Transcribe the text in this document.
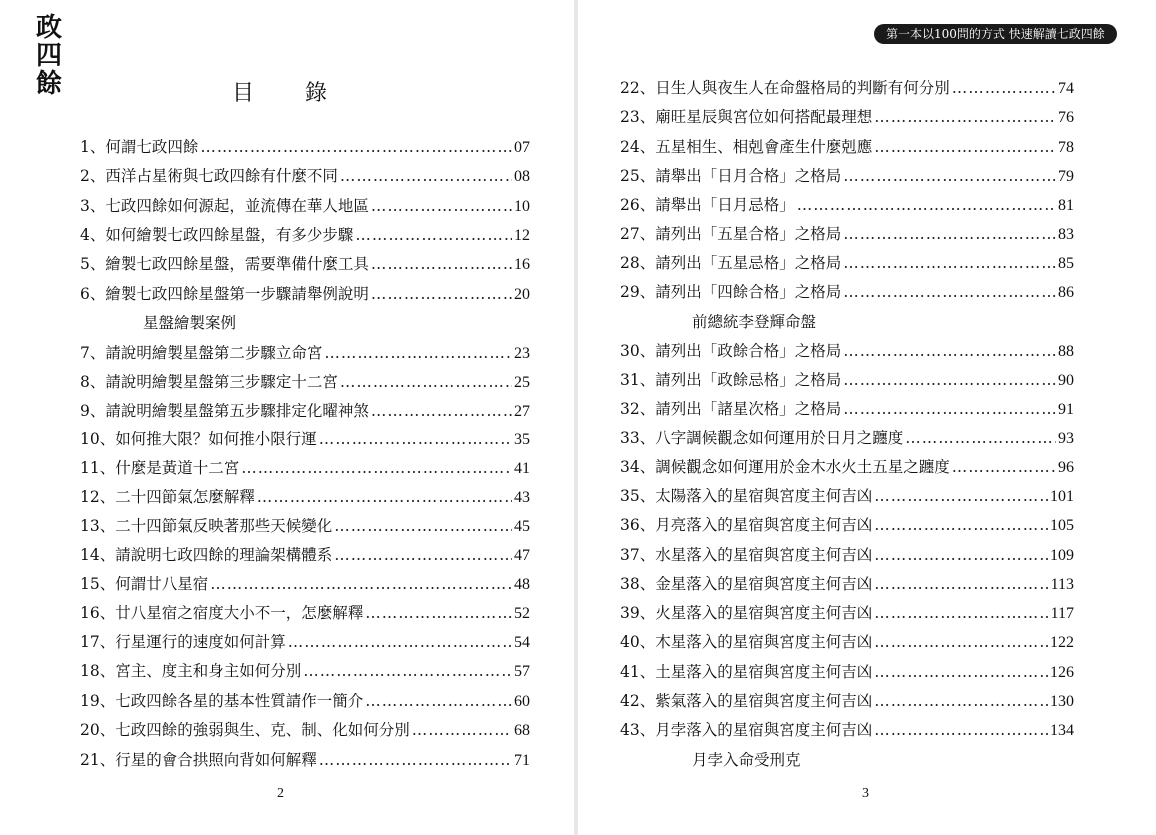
政
四
餘	目 錄
1、 何謂七政四餘 …………………………………………………………………………………………………	07
2、 西洋占星術與七政四餘有什麼不同 …………………………………………………………………………………………………	08
3、 七政四餘如何源起，並流傳在華人地區 …………………………………………………………………………………………………	10
4、 如何繪製七政四餘星盤，有多少步驟 …………………………………………………………………………………………………	12
5、 繪製七政四餘星盤，需要準備什麼工具 …………………………………………………………………………………………………	16
6、 繪製七政四餘星盤第一步驟請舉例說明 …………………………………………………………………………………………………	20
7、 請說明繪製星盤第二步驟立命宮 …………………………………………………………………………………………………	23
8、 請說明繪製星盤第三步驟定十二宮 …………………………………………………………………………………………………	25
9、 請說明繪製星盤第五步驟排定化曜神煞 …………………………………………………………………………………………………	27
10、 如何推大限？如何推小限行運 …………………………………………………………………………………………………	35
11、 什麼是黃道十二宮 …………………………………………………………………………………………………	41
12、 二十四節氣怎麼解釋 …………………………………………………………………………………………………	43
13、 二十四節氣反映著那些天候變化 …………………………………………………………………………………………………	45
14、 請說明七政四餘的理論架構體系 …………………………………………………………………………………………………	47
15、 何謂廿八星宿 …………………………………………………………………………………………………	48
16、 廿八星宿之宿度大小不一，怎麼解釋 …………………………………………………………………………………………………	52
17、 行星運行的速度如何計算 …………………………………………………………………………………………………	54
18、 宮主、度主和身主如何分別 …………………………………………………………………………………………………	57
19、 七政四餘各星的基本性質請作一簡介 …………………………………………………………………………………………………	60
20、 七政四餘的強弱與生、克、制、化如何分別 …………………………………………………………………………………………………	68
21、 行星的會合拱照向背如何解釋 …………………………………………………………………………………………………	71
星盤繪製案例
2
第一本以100問的方式 快速解讀七政四餘
22、 日生人與夜生人在命盤格局的判斷有何分別 …………………………………………………………………………………………………	74
23、 廟旺星辰與宮位如何搭配最理想 …………………………………………………………………………………………………	76
24、 五星相生、相剋會產生什麼剋應 …………………………………………………………………………………………………	78
25、 請舉出「日月合格」之格局 …………………………………………………………………………………………………	79
26、 請舉出「日月忌格」 …………………………………………………………………………………………………	81
27、 請列出「五星合格」之格局 …………………………………………………………………………………………………	83
28、 請列出「五星忌格」之格局 …………………………………………………………………………………………………	85
29、 請列出「四餘合格」之格局 …………………………………………………………………………………………………	86
30、 請列出「政餘合格」之格局 …………………………………………………………………………………………………	88
31、 請列出「政餘忌格」之格局 …………………………………………………………………………………………………	90
32、 請列出「諸星次格」之格局 …………………………………………………………………………………………………	91
33、 八字調候觀念如何運用於日月之躔度 …………………………………………………………………………………………………	93
34、 調候觀念如何運用於金木水火土五星之躔度 …………………………………………………………………………………………………	96
35、 太陽落入的星宿與宮度主何吉凶 …………………………………………………………………………………………………	101
36、 月亮落入的星宿與宮度主何吉凶 …………………………………………………………………………………………………	105
37、 水星落入的星宿與宮度主何吉凶 …………………………………………………………………………………………………	109
38、 金星落入的星宿與宮度主何吉凶 …………………………………………………………………………………………………	113
39、 火星落入的星宿與宮度主何吉凶 …………………………………………………………………………………………………	117
40、 木星落入的星宿與宮度主何吉凶 …………………………………………………………………………………………………	122
41、 土星落入的星宿與宮度主何吉凶 …………………………………………………………………………………………………	126
42、 紫氣落入的星宿與宮度主何吉凶 …………………………………………………………………………………………………	130
43、 月孛落入的星宿與宮度主何吉凶 …………………………………………………………………………………………………	134
前總統李登輝命盤
月孛入命受刑克
3
